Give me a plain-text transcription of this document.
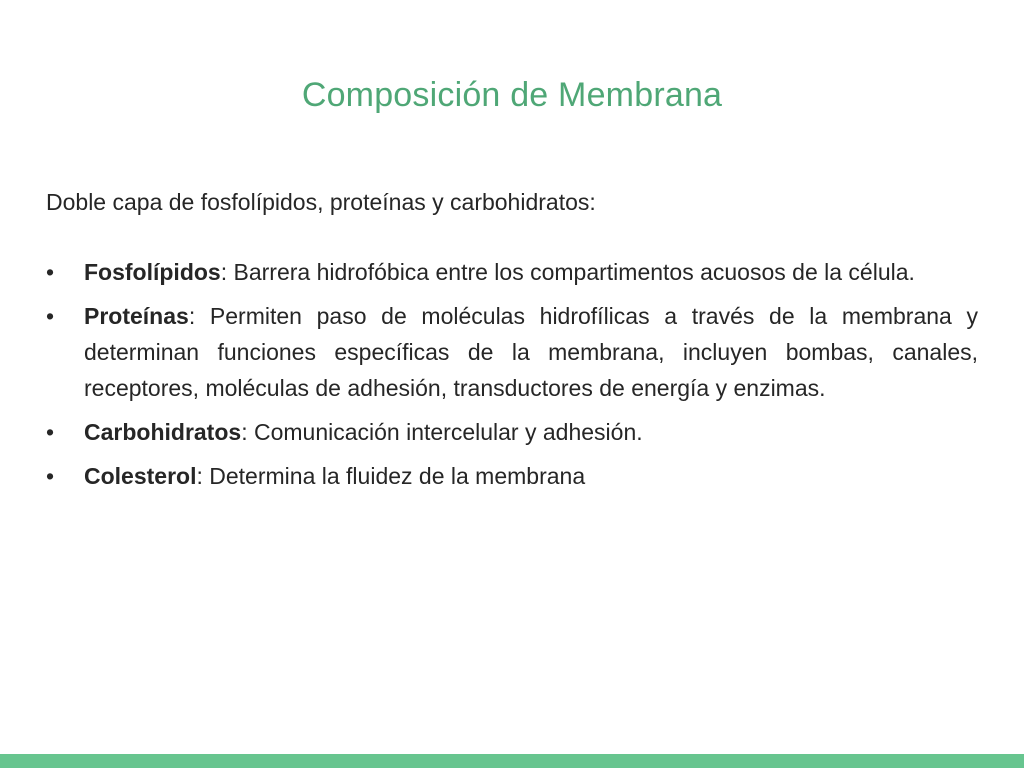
Composición de Membrana

Doble capa de fosfolípidos, proteínas y carbohidratos:

•	Fosfolípidos: Barrera hidrofóbica entre los compartimentos acuosos de la célula.
•	Proteínas: Permiten paso de moléculas hidrofílicas a través de la membrana y determinan funciones específicas de la membrana, incluyen bombas, canales, receptores, moléculas de adhesión, transductores de energía y enzimas.
•	Carbohidratos: Comunicación intercelular y adhesión.
•	Colesterol: Determina la fluidez de la membrana
